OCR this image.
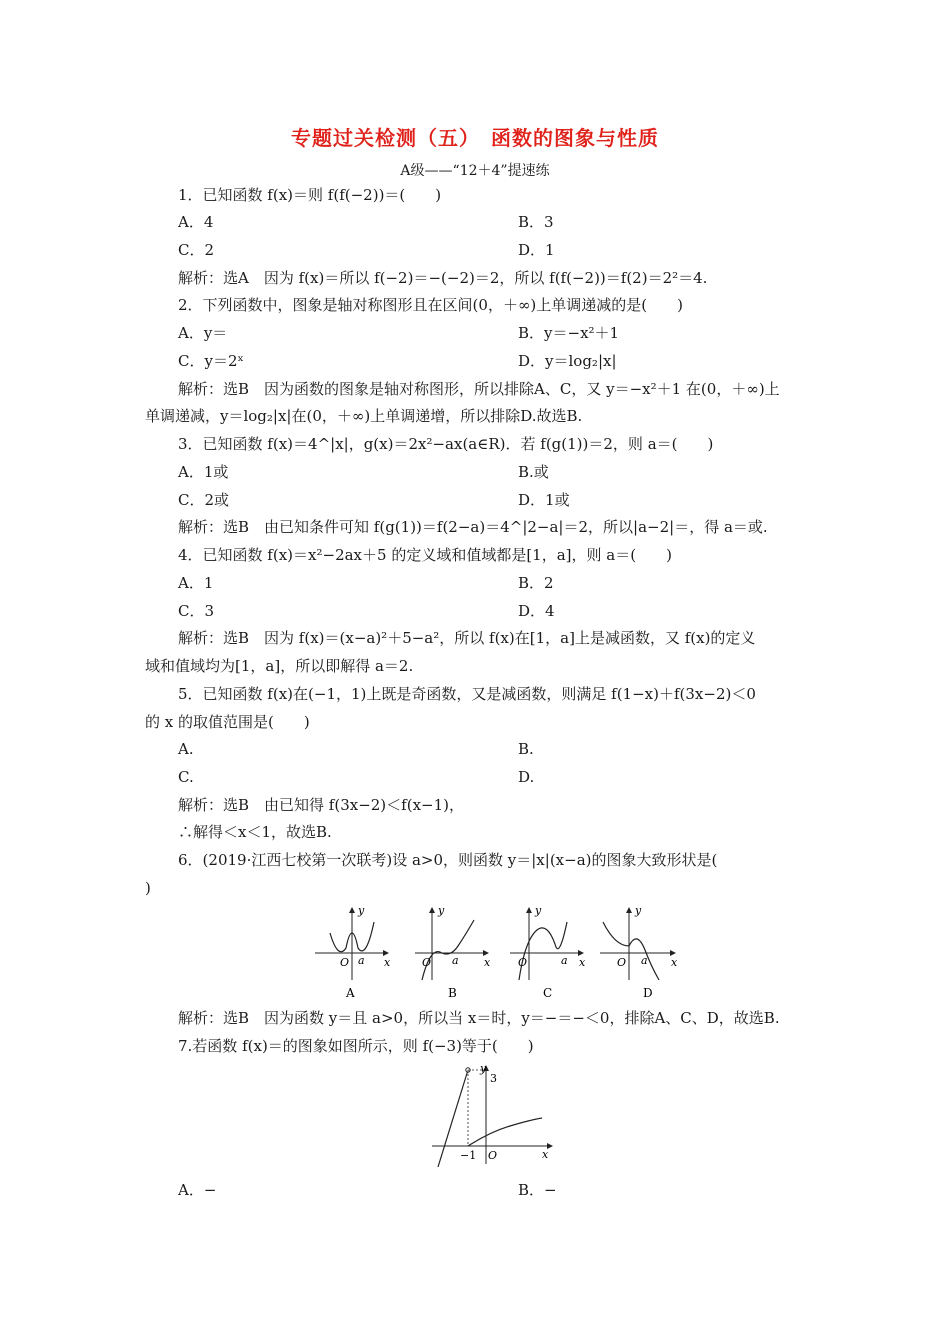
专题过关检测（五）　函数的图象与性质
A级——“12＋4”提速练
1．已知函数 f(x)＝则 f(f(−2))＝(　　)
A．4	B．3
C．2	D．1
解析：选A　因为 f(x)＝所以 f(−2)＝−(−2)＝2，所以 f(f(−2))＝f(2)＝2²＝4.
2．下列函数中，图象是轴对称图形且在区间(0，＋∞)上单调递减的是(　　)
A．y＝	B．y＝−x²＋1
C．y＝2ˣ	D．y＝log₂|x|
解析：选B　因为函数的图象是轴对称图形，所以排除A、C，又 y＝−x²＋1 在(0，＋∞)上
单调递减，y＝log₂|x|在(0，＋∞)上单调递增，所以排除D.故选B.
3．已知函数 f(x)＝4^|x|，g(x)＝2x²−ax(a∈R)．若 f(g(1))＝2，则 a＝(　　)
A．1或	B.或
C．2或	D．1或
解析：选B　由已知条件可知 f(g(1))＝f(2−a)＝4^|2−a|＝2，所以|a−2|＝，得 a＝或.
4．已知函数 f(x)＝x²−2ax＋5 的定义域和值域都是[1，a]，则 a＝(　　)
A．1	B．2
C．3	D．4
解析：选B　因为 f(x)＝(x−a)²＋5−a²，所以 f(x)在[1，a]上是减函数，又 f(x)的定义
域和值域均为[1，a]，所以即解得 a＝2.
5．已知函数 f(x)在(−1，1)上既是奇函数，又是减函数，则满足 f(1−x)＋f(3x−2)＜0
的 x 的取值范围是(　　)
A.	B.
C.	D.
解析：选B　由已知得 f(3x−2)＜f(x−1)，
∴解得＜x＜1，故选B.
6．(2019·江西七校第一次联考)设 a>0，则函数 y＝|x|(x−a)的图象大致形状是(
)
y
x
O a
A
y
x
O a
B
y
x
O	a
C
y
x
O a
D
解析：选B　因为函数 y＝且 a>0，所以当 x＝时，y＝−＝−＜0，排除A、C、D，故选B.
7.若函数 f(x)＝的图象如图所示，则 f(−3)等于(　　)
y
x
3
−1 O
A．−	B．−
